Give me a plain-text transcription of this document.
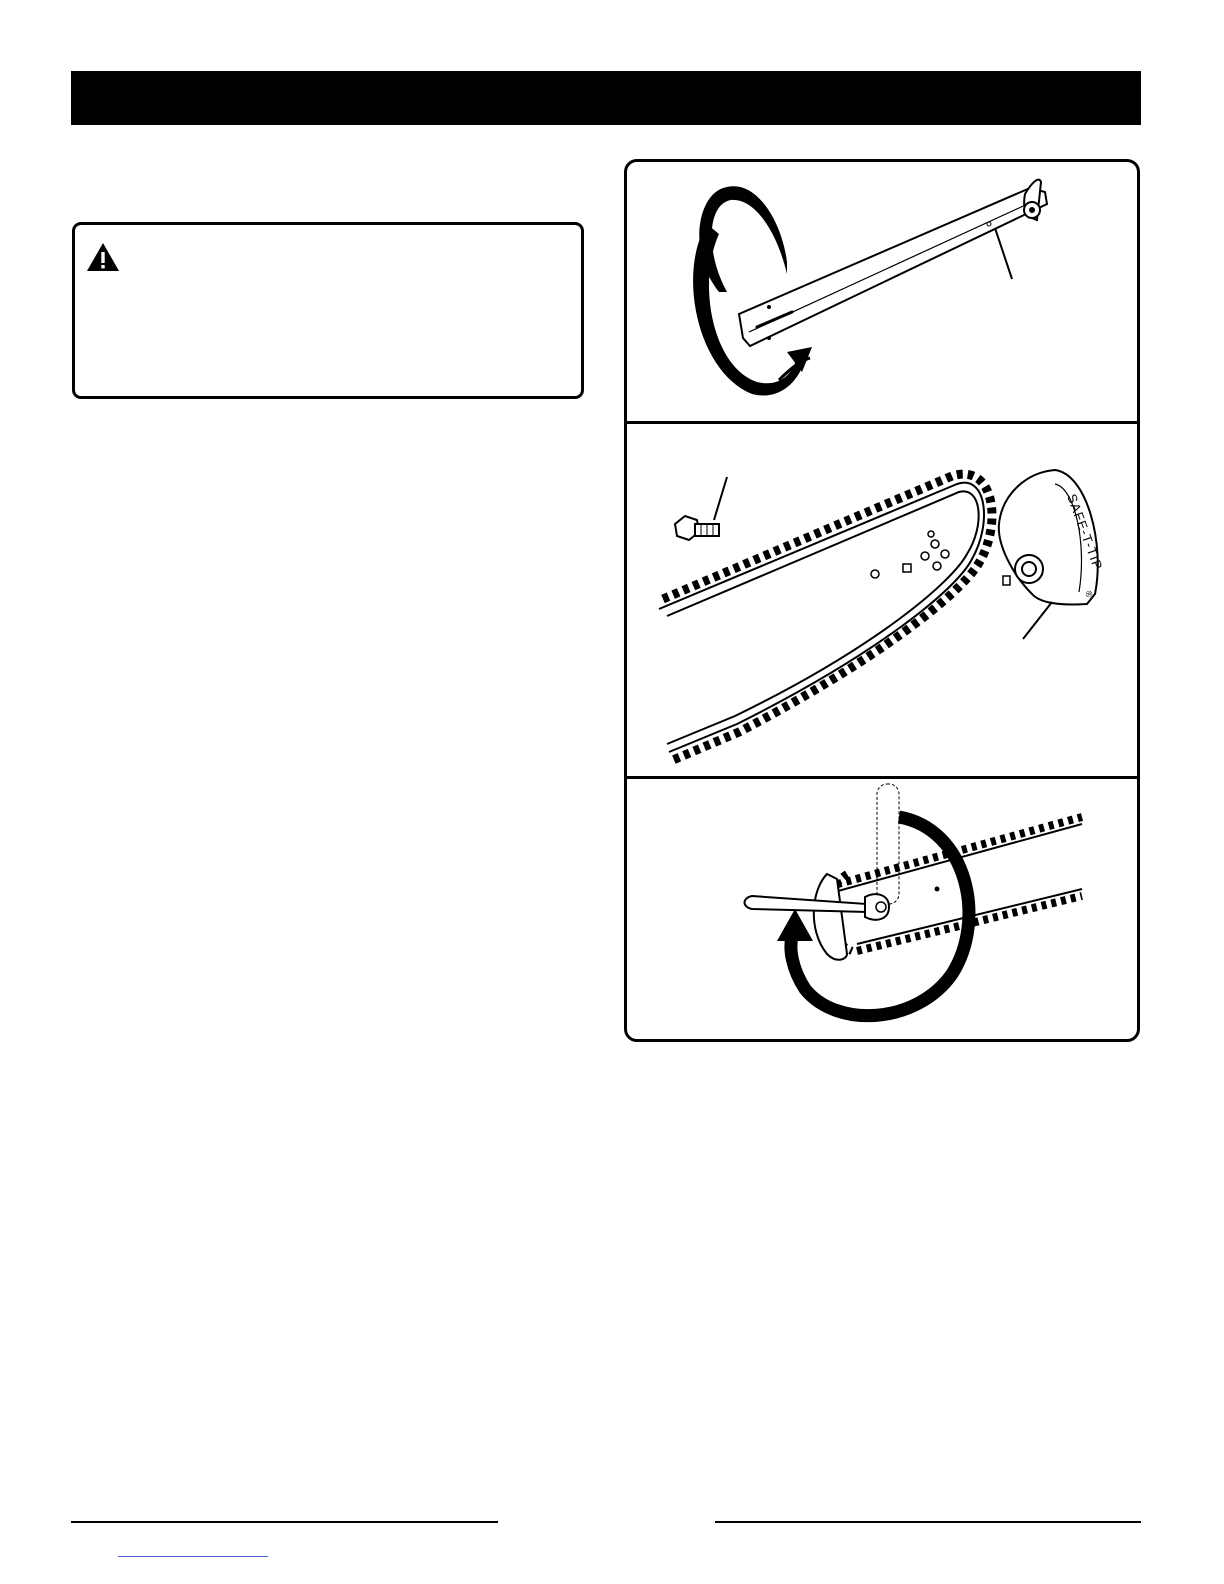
SAFE-T-TIP
®
